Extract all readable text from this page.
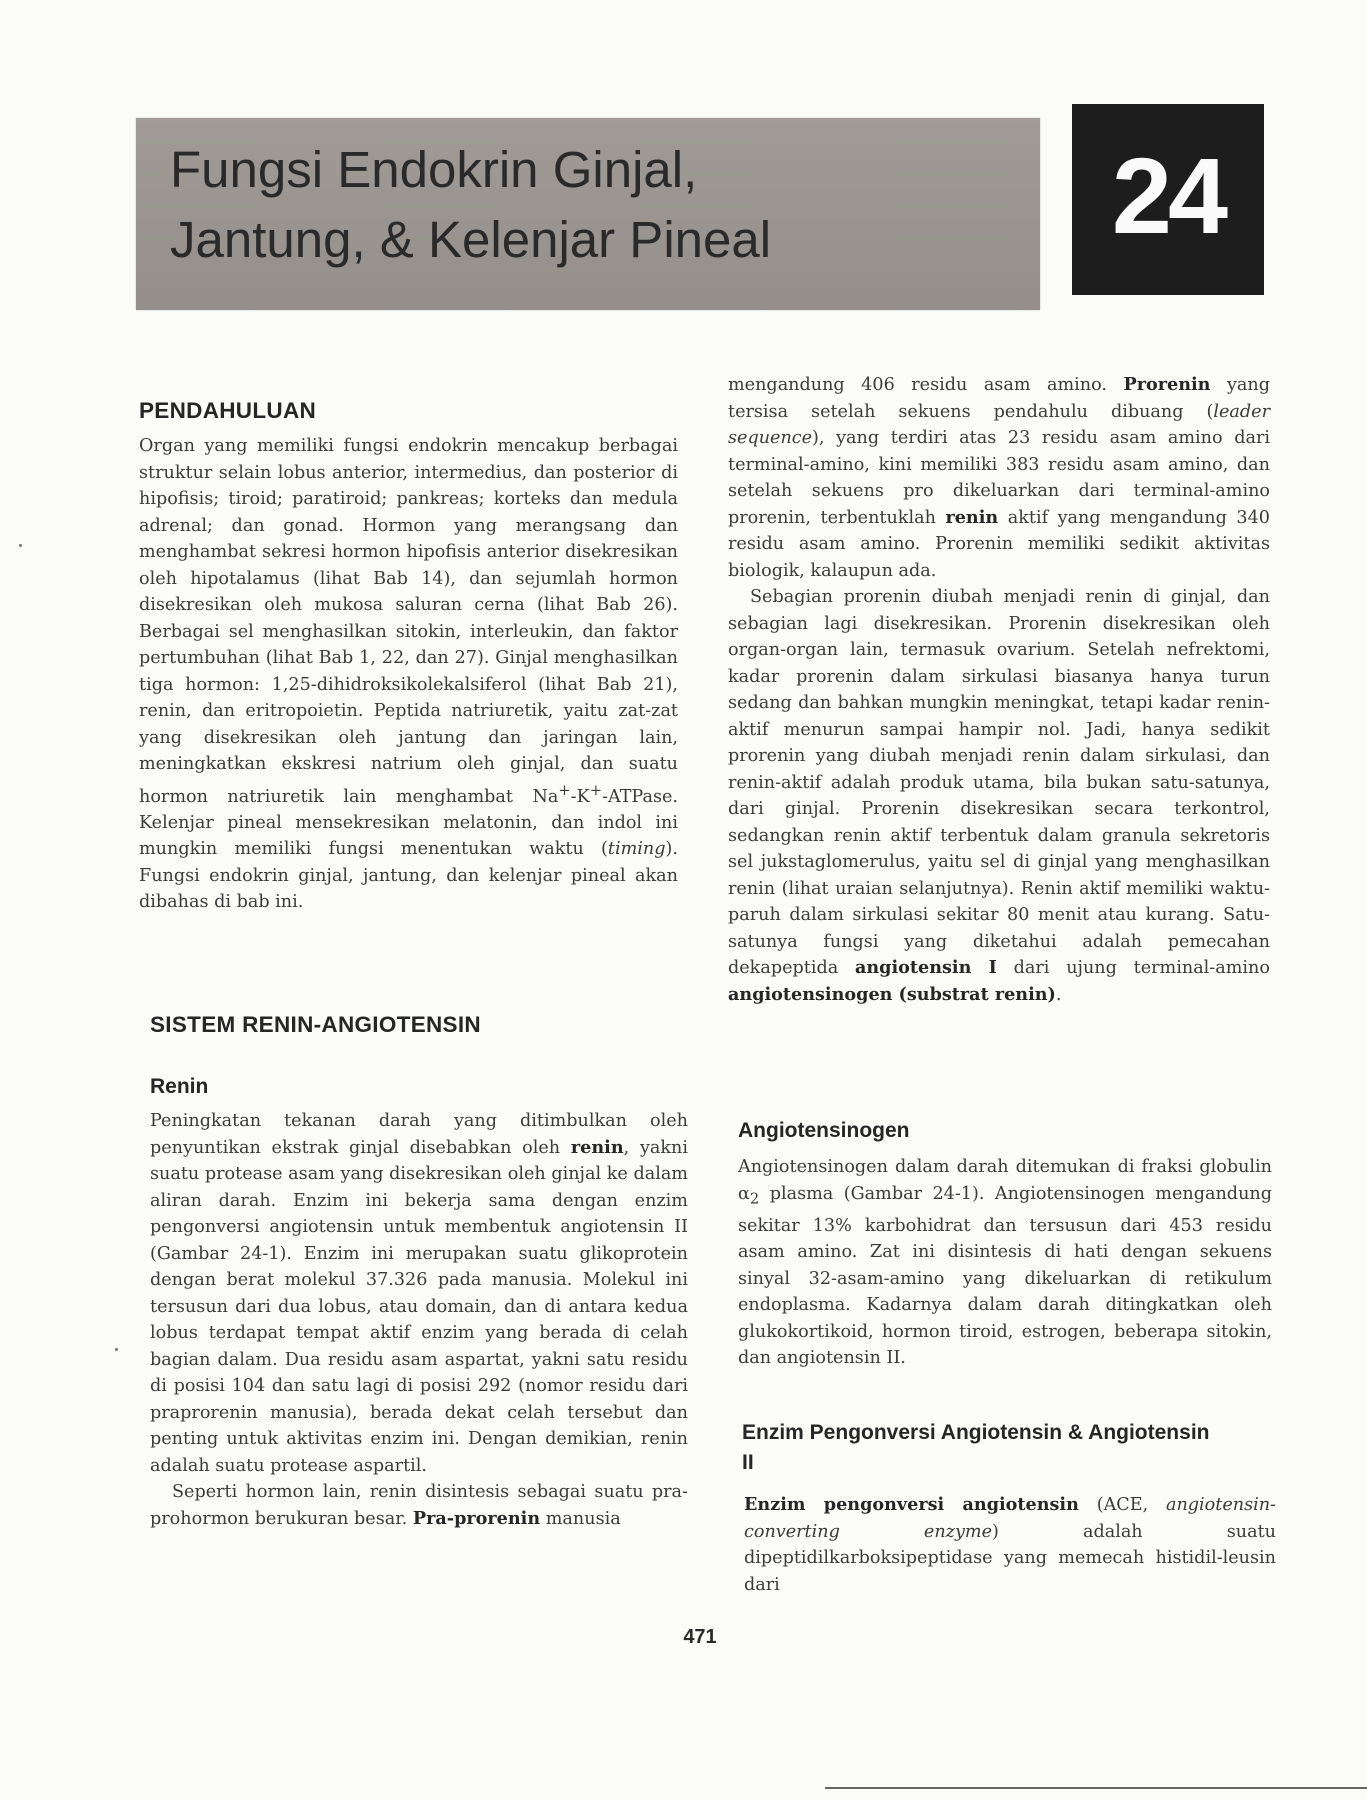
Fungsi Endokrin Ginjal,
Jantung, & Kelenjar Pineal	24
PENDAHULUAN

Organ yang memiliki fungsi endokrin mencakup berbagai struktur selain lobus anterior, intermedius, dan posterior di hipofisis; tiroid; paratiroid; pankreas; korteks dan medula adrenal; dan gonad. Hormon yang merangsang dan menghambat sekresi hormon hipofisis anterior disekresikan oleh hipotalamus (lihat Bab 14), dan sejumlah hormon disekresikan oleh mukosa saluran cerna (lihat Bab 26). Berbagai sel menghasilkan sitokin, interleukin, dan faktor pertumbuhan (lihat Bab 1, 22, dan 27). Ginjal menghasilkan tiga hormon: 1,25-dihidroksikolekalsiferol (lihat Bab 21), renin, dan eritropoietin. Peptida natriuretik, yaitu zat-zat yang disekresikan oleh jantung dan jaringan lain, meningkatkan ekskresi natrium oleh ginjal, dan suatu hormon natriuretik lain menghambat Na+-K+-ATPase. Kelenjar pineal mensekresikan melatonin, dan indol ini mungkin memiliki fungsi menentukan waktu (timing). Fungsi endokrin ginjal, jantung, dan kelenjar pineal akan dibahas di bab ini.

SISTEM RENIN-ANGIOTENSIN
Renin

Peningkatan tekanan darah yang ditimbulkan oleh penyuntikan ekstrak ginjal disebabkan oleh renin, yakni suatu protease asam yang disekresikan oleh ginjal ke dalam aliran darah. Enzim ini bekerja sama dengan enzim pengonversi angiotensin untuk membentuk angiotensin II (Gambar 24-1). Enzim ini merupakan suatu glikoprotein dengan berat molekul 37.326 pada manusia. Molekul ini tersusun dari dua lobus, atau domain, dan di antara kedua lobus terdapat tempat aktif enzim yang berada di celah bagian dalam. Dua residu asam aspartat, yakni satu residu di posisi 104 dan satu lagi di posisi 292 (nomor residu dari praprorenin manusia), berada dekat celah tersebut dan penting untuk aktivitas enzim ini. Dengan demikian, renin adalah suatu protease aspartil.

Seperti hormon lain, renin disintesis sebagai suatu pra-prohormon berukuran besar. Pra-prorenin manusia

mengandung 406 residu asam amino. Prorenin yang tersisa setelah sekuens pendahulu dibuang (leader sequence), yang terdiri atas 23 residu asam amino dari terminal-amino, kini memiliki 383 residu asam amino, dan setelah sekuens pro dikeluarkan dari terminal-amino prorenin, terbentuklah renin aktif yang mengandung 340 residu asam amino. Prorenin memiliki sedikit aktivitas biologik, kalaupun ada.

Sebagian prorenin diubah menjadi renin di ginjal, dan sebagian lagi disekresikan. Prorenin disekresikan oleh organ-organ lain, termasuk ovarium. Setelah nefrektomi, kadar prorenin dalam sirkulasi biasanya hanya turun sedang dan bahkan mungkin meningkat, tetapi kadar renin-aktif menurun sampai hampir nol. Jadi, hanya sedikit prorenin yang diubah menjadi renin dalam sirkulasi, dan renin-aktif adalah produk utama, bila bukan satu-satunya, dari ginjal. Prorenin disekresikan secara terkontrol, sedangkan renin aktif terbentuk dalam granula sekretoris sel jukstaglomerulus, yaitu sel di ginjal yang menghasilkan renin (lihat uraian selanjutnya). Renin aktif memiliki waktu-paruh dalam sirkulasi sekitar 80 menit atau kurang. Satu-satunya fungsi yang diketahui adalah pemecahan dekapeptida angiotensin I dari ujung terminal-amino angiotensinogen (substrat renin).

Angiotensinogen

Angiotensinogen dalam darah ditemukan di fraksi globulin $\alpha_2$ plasma (Gambar 24-1). Angiotensinogen mengandung sekitar 13% karbohidrat dan tersusun dari 453 residu asam amino. Zat ini disintesis di hati dengan sekuens sinyal 32-asam-amino yang dikeluarkan di retikulum endoplasma. Kadarnya dalam darah ditingkatkan oleh glukokortikoid, hormon tiroid, estrogen, beberapa sitokin, dan angiotensin II.

Enzim Pengonversi Angiotensin & Angiotensin II

Enzim pengonversi angiotensin (ACE, angiotensin-converting enzyme) adalah suatu dipeptidilkarboksipeptidase yang memecah histidil-leusin dari

471
